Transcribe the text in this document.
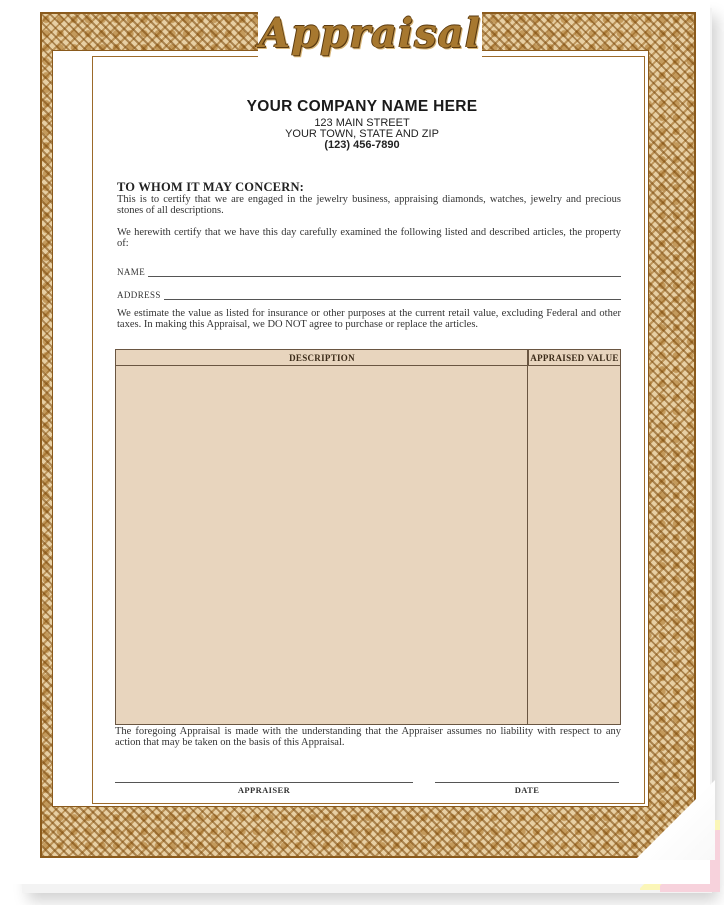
Appraisal
YOUR COMPANY NAME HERE
123 MAIN STREET
YOUR TOWN, STATE AND ZIP
(123) 456-7890
TO WHOM IT MAY CONCERN:
This is to certify that we are engaged in the jewelry business, appraising diamonds, watches, jewelry and precious stones of all descriptions.
We herewith certify that we have this day carefully examined the following listed and described articles, the property of:
NAME
ADDRESS
We estimate the value as listed for insurance or other purposes at the current retail value, excluding Federal and other taxes. In making this Appraisal, we DO NOT agree to purchase or replace the articles.
DESCRIPTION	APPRAISED VALUE
The foregoing Appraisal is made with the understanding that the Appraiser assumes no liability with respect to any action that may be taken on the basis of this Appraisal.
APPRAISER	DATE
